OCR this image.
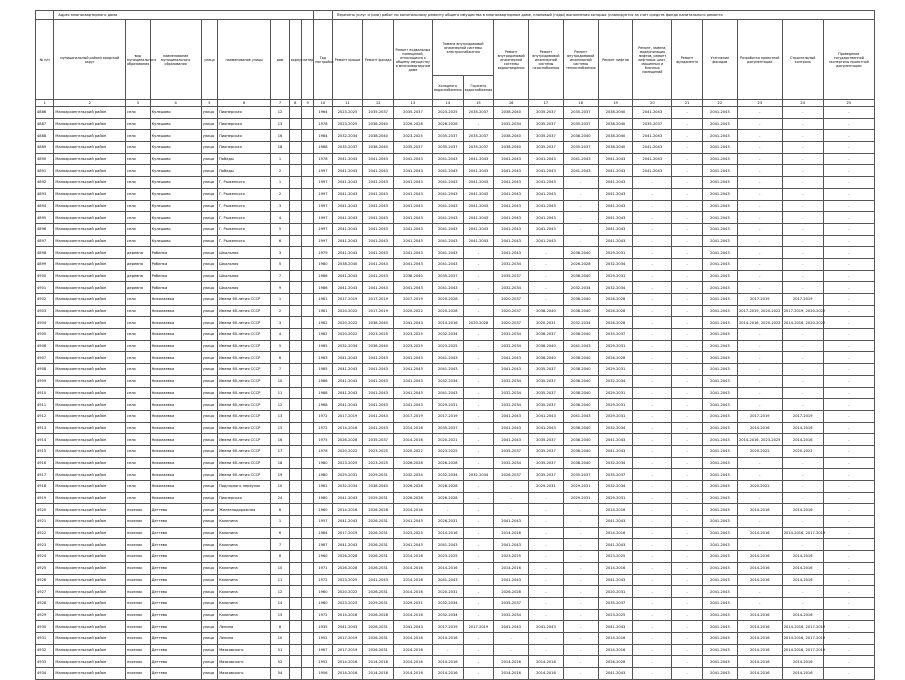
	Адрес многоквартирного дома									Перечень услуг и (или) работ по капитальному ремонту общего имущества в многоквартирном доме, плановый (годы) выполнения которых (планируется за счет средств фонда капитального ремонта														
№ п/п	муниципальный район/городской округ	вид муниципального образования	наименование муниципального образования	улица	наименование улицы	дом	корпус	литер	Год постройки	Ремонт крыши	Ремонт фасада	Ремонт подвальных помещений, относящихся к общему имуществу в многоквартирном доме	Замена внутридомовой инженерной системы электроснабжения		Ремонт внутридомовой инженерной системы водоотведения	Ремонт внутридомовой инженерной системы газоснабжения	Ремонт внутридомовой инженерной системы теплоснабжения	Ремонт лифтов	Ремонт, замена, модернизация лифтов, ремонт лифтовых шахт, машинных и блочных помещений	Ремонт фундамента	Утепление фасадов	Разработка проектной документации	Строительный контроль	Проведение государственной экспертизы проектной документации
													Холодного водоснабжения	Горячего водоснабжения										
1	2	3	4	5	6	7	8	9	10	11	12	13	14	15	16	17	18	19	20	21	22	23	24	25
4886	Малоархангельский район	село	Кулешово	улица	Пионерская	12			1964	2023-2025	2035-2037	2035-2037	2023-2025	2035-2037	2038-2040	2035-2037	2035-2037	2038-2040	2041-2043	-	2041-2043	-	-	-
4887	Малоархангельский район	село	Кулешово	улица	Пионерская	13			1978	2023-2025	2038-2040	2026-2028	2026-2028	-	2032-2034	2035-2037	2035-2037	2038-2040	2035-2037	-	2041-2043	-	-	-
4888	Малоархангельский район	село	Кулешово	улица	Пионерская	16			1984	2032-2034	2038-2040	2023-2025	2035-2037	2035-2037	2038-2040	2035-2037	2038-2040	2038-2040	2041-2043	-	2041-2043	-	-	-
4889	Малоархангельский район	село	Кулешово	улица	Пионерская	18			1988	2035-2037	2038-2040	2035-2037	2035-2037	2035-2037	2038-2040	2035-2037	2035-2037	2038-2040	2041-2043	-	2041-2043	-	-	-
4890	Малоархангельский район	село	Кулешово	улица	Победы	1			1978	2041-2043	2041-2043	2041-2043	2041-2043	2041-2043	2041-2043	2041-2043	2041-2043	2041-2043	2041-2043	-	2041-2043	-	-	-
4891	Малоархангельский район	село	Кулешово	улица	Победы	2			1997	2041-2043	2041-2043	2041-2043	2041-2043	2041-2043	2041-2043	2041-2043	2041-2043	2041-2043	2041-2043	-	2041-2043	-	-	-
4892	Малоархангельский район	село	Кулешово	улица	Г. Рыженкого	1			1997	2041-2043	2041-2043	2041-2043	2041-2043	2041-2043	2041-2043	2041-2043	-	2041-2043	-	-	2041-2043	-	-	-
4893	Малоархангельский район	село	Кулешово	улица	Г. Рыженкого	2			1997	2041-2043	2041-2043	2041-2043	2041-2043	2041-2043	2041-2043	2041-2043	-	2041-2043	-	-	2041-2043	-	-	-
4894	Малоархангельский район	село	Кулешово	улица	Г. Рыженкого	3			1997	2041-2043	2041-2043	2041-2043	2041-2043	2041-2043	2041-2043	2041-2043	-	2041-2043	-	-	2041-2043	-	-	-
4895	Малоархангельский район	село	Кулешово	улица	Г. Рыженкого	4			1997	2041-2043	2041-2043	2041-2043	2041-2043	2041-2043	2041-2043	2041-2043	-	2041-2043	-	-	2041-2043	-	-	-
4896	Малоархангельский район	село	Кулешово	улица	Г. Рыженкого	5			1997	2041-2043	2041-2043	2041-2043	2041-2043	2041-2043	2041-2043	2041-2043	-	2041-2043	-	-	2041-2043	-	-	-
4897	Малоархангельский район	село	Кулешово	улица	Г. Рыженкого	6			1997	2041-2043	2041-2043	2041-2043	2041-2043	2041-2043	2041-2043	2041-2043	-	2041-2043	-	-	2041-2043	-	-	-
4898	Малоархангельский район	деревня	Рябинка	улица	Школьная	3			1979	2041-2043	2041-2043	2041-2043	2041-2043	-	2041-2043	-	2038-2040	2029-2031	-	-	2041-2043	-	-	-
4899	Малоархангельский район	деревня	Рябинка	улица	Школьная	5			1980	2038-2040	2041-2043	2041-2043	2041-2043	-	2032-2034	-	2026-2028	2032-2034	-	-	2041-2043	-	-	-
4900	Малоархангельский район	деревня	Рябинка	улица	Школьная	7			1986	2041-2043	2041-2043	2038-2040	2035-2037	-	2035-2037	-	2038-2040	2029-2031	-	-	2041-2043	-	-	-
4901	Малоархангельский район	деревня	Рябинка	улица	Школьная	9			1986	2041-2043	2041-2043	2041-2043	2041-2043	-	2032-2034	-	2032-2034	2032-2034	-	-	2041-2043	-	-	-
4902	Малоархангельский район	село	Николаевка	улица	Имени 60-летия СССР	1			1981	2017-2019	2017-2019	2017-2019	2020-2028	-	2020-2037	-	2038-2040	2026-2028	-	-	2041-2043	2017-2019	2017-2019	-
4903	Малоархангельский район	село	Николаевка	улица	Имени 60-летия СССР	2			1981	2020-2022	2017-2019	2020-2022	2020-2028	-	2020-2037	2038-2040	2038-2040	2026-2028	-	-	2041-2043	2017-2019, 2020-2022	2017-2019, 2020-2022	-
4904	Малоархангельский район	село	Николаевка	улица	Имени 60-летия СССР	3			1982	2020-2022	2038-2040	2041-2043	2014-2016	2020-2028	2020-2037	2020-2031	2032-2034	2026-2028	-	-	2041-2043	2014-2016, 2020-2022	2014-2016, 2020-2022	-
4905	Малоархангельский район	село	Николаевка	улица	Имени 60-летия СССР	4			1982	2020-2022	2023-2025	2023-2025	2032-2034	-	2032-2034	2038-2037	2038-2040	2035-2037	-	-	2041-2043	-	-	-
4906	Малоархангельский район	село	Николаевка	улица	Имени 60-летия СССР	5			1985	2032-2034	2038-2040	2023-2025	2023-2025	-	2032-2034	2038-2040	2041-2043	2029-2031	-	-	2041-2043	-	-	-
4907	Малоархангельский район	село	Николаевка	улица	Имени 60-летия СССР	6			1983	2041-2043	2041-2043	2041-2043	2041-2043	-	2041-2043	2038-2040	2038-2040	2026-2028	-	-	2041-2043	-	-	-
4908	Малоархангельский район	село	Николаевка	улица	Имени 60-летия СССР	7			1985	2041-2043	2041-2043	2041-2043	2041-2043	-	2041-2043	2035-2037	2038-2040	2029-2031	-	-	2041-2043	-	-	-
4909	Малоархангельский район	село	Николаевка	улица	Имени 60-летия СССР	10			1986	2041-2043	2041-2043	2041-2043	2032-2034	-	2032-2034	2035-2037	2038-2040	2032-2034	-	-	2041-2043	-	-	-
4910	Малоархангельский район	село	Николаевка	улица	Имени 60-летия СССР	11			1988	2041-2043	2041-2043	2041-2043	2041-2043	-	2032-2034	2035-2037	2038-2040	2029-2031	-	-	2041-2043	-	-	-
4911	Малоархангельский район	село	Николаевка	улица	Имени 60-летия СССР	12			1968	2041-2043	2041-2043	2041-2043	2029-2031	-	2032-2034	2035-2037	2038-2040	2029-2031	-	-	2041-2043	-	-	-
4912	Малоархангельский район	село	Николаевка	улица	Имени 60-летия СССР	13			1972	2017-2019	2041-2043	2017-2019	2017-2019	-	2041-2043	2041-2043	2041-2043	2029-2031	-	-	2041-2043	2017-2019	2017-2019	-
4913	Малоархангельский район	село	Николаевка	улица	Имени 60-летия СССР	15			1972	2014-2016	2041-2043	2014-2016	2035-2037	-	2041-2043	2041-2043	2038-2040	2032-2034	-	-	2041-2043	2014-2016	2014-2016	-
4914	Малоархангельский район	село	Николаевка	улица	Имени 60-летия СССР	16			1975	2026-2028	2035-2037	2014-2016	2020-2021	-	2041-2043	2035-2037	2038-2040	2041-2043	-	-	2041-2043	2014-2016, 2023-2025	2014-2016	-
4915	Малоархангельский район	село	Николаевка	улица	Имени 60-летия СССР	17			1978	2020-2022	2023-2025	2020-2022	2023-2025	-	2035-2037	2035-2037	2038-2040	2041-2043	-	-	2041-2043	2020-2022	2020-2022	-
4916	Малоархангельский район	село	Николаевка	улица	Имени 60-летия СССР	18			1980	2023-2025	2023-2025	2026-2028	2026-2028	-	2032-2034	2035-2037	2038-2040	2032-2034	-	-	2041-2043	-	-	-
4917	Малоархангельский район	село	Николаевка	улица	Имени 60-летия СССР	19			1980	2029-2031	2029-2031	2032-2034	2032-2034	2032-2034	2026-2037	2035-2037	2035-2037	2035-2037	-	-	2041-2043	-	-	-
4918	Малоархангельский район	село	Николаевка	улица	Подгорного переулок	10			1961	2032-2034	2038-2040	2026-2028	2026-2028	-	-	2029-2031	2029-2031	2032-2034	-	-	2041-2043	2020-2022	-	-
4919	Малоархангельский район	село	Николаевка	улица	Пионерская	24			1980	2041-2043	2029-2031	2026-2028	2026-2028	-	-	-	2029-2031	2029-2031	-	-	2041-2043	-	-	-
4920	Малоархангельский район	поселок	Дегтево	улица	Железнодорожная	6			1960	2014-2016	2026-2028	2014-2016	-	-	-	-	-	2014-2016	-	-	2041-2043	2014-2016	2014-2016	-
4921	Малоархангельский район	поселок	Дегтево	улица	Калинина	1			1957	2041-2043	2026-2031	2041-2043	2026-2031	-	2041-2043	-	-	2041-2043	-	-	2041-2043	-	-	-
4922	Малоархангельский район	поселок	Дегтево	улица	Калинина	6			1984	2017-2019	2026-2031	2023-2025	2014-2016	-	2014-2016	-	-	2014-2016	-	-	2041-2043	2014-2016	2014-2016, 2017-2019	-
4923	Малоархангельский район	поселок	Дегтево	улица	Калинина	7			1987	2041-2043	2026-2031	2041-2043	2041-2043	-	2041-2043	-	-	2041-2043	-	-	2041-2043	-	-	-
4924	Малоархангельский район	поселок	Дегтево	улица	Калинина	8			1960	2026-2028	2026-2031	2014-2016	2023-2025	-	2023-2025	-	-	2023-2025	-	-	2041-2043	2014-2016	2014-2016	-
4925	Малоархангельский район	поселок	Дегтево	улица	Калинина	10			1971	2026-2028	2026-2031	2014-2016	2014-2016	-	2014-2016	-	-	2014-2016	-	-	2041-2043	2014-2016	2014-2016	-
4926	Малоархангельский район	поселок	Дегтево	улица	Калинина	11			1972	2023-2025	2041-2043	2014-2016	2041-2043	-	2041-2043	-	-	2041-2043	-	-	2041-2043	2014-2016	2014-2016	-
4927	Малоархангельский район	поселок	Дегтево	улица	Калинина	12			1960	2020-2022	2026-2031	2014-2016	2020-2031	-	2026-2028	-	-	2020-2031	-	-	2041-2043	-	-	-
4928	Малоархангельский район	поселок	Дегтево	улица	Калинина	14			1960	2023-2025	2029-2031	2029-2031	2032-2034	-	2035-2037	-	-	2035-2037	-	-	2041-2043	-	-	-
4929	Малоархангельский район	поселок	Дегтево	улица	Калинина	15			1972	2014-2016	2026-2028	2014-2016	2032-2034	-	2032-2034	-	-	2023-2025	-	-	2041-2043	2014-2016	2014-2016	-
4930	Малоархангельский район	поселок	Дегтево	улица	Ленина	8			1935	2041-2043	2026-2031	2041-2043	2017-2019	2017-2019	2041-2043	2041-2043	-	2041-2043	-	-	2041-2043	2014-2016	2014-2016, 2017-2019	-
4931	Малоархангельский район	поселок	Дегтево	улица	Ленина	10			1952	2017-2019	2026-2031	2014-2016	2014-2016	-	-	-	-	2014-2016	-	-	2041-2043	2014-2016	2014-2016, 2017-2019	-
4932	Малоархангельский район	поселок	Дегтево	улица	Маяковского	51			1967	2017-2019	2026-2031	2014-2016	-	-	-	-	-	2014-2016	-	-	2041-2043	2014-2016	2014-2016, 2017-2019	-
4933	Малоархангельский район	поселок	Дегтево	улица	Маяковского	52			1952	2014-2016	2014-2016	2014-2016	2014-2016	-	2014-2016	2014-2016	-	2026-2028	-	-	2041-2043	2014-2016	2014-2016	-
4934	Малоархангельский район	поселок	Дегтево	улица	Маяковского	54			1956	2014-2016	2014-2016	2014-2016	2014-2016	-	2014-2016	2014-2016	-	2041-2043	-	-	2041-2043	2014-2016	2014-2016	-
